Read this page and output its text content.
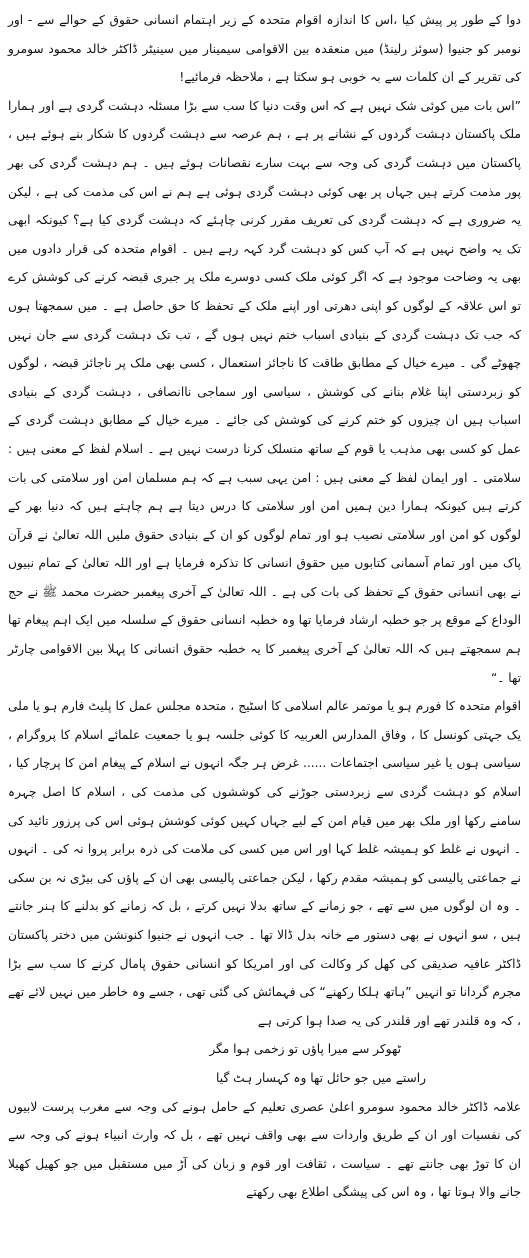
دوا کے طور پر پیش کیا ،اس کا اندازہ اقوام متحدہ کے زیر اہتمام انسانی حقوق کے حوالے سے - اور نومبر کو جنیوا (سوئز رلینڈ) میں منعقدہ بین الاقوامی سیمینار میں سینیٹر ڈاکٹر خالد محمود سومرو کی تقریر کے ان کلمات سے بہ خوبی ہو سکتا ہے ، ملاحظہ فرمائیے!

”اس بات میں کوئی شک نہیں ہے کہ اس وقت دنیا کا سب سے بڑا مسئلہ دہشت گردی ہے اور ہمارا ملک پاکستان دہشت گردوں کے نشانے پر ہے ، ہم عرصہ سے دہشت گردوں کا شکار بنے ہوئے ہیں ، پاکستان میں دہشت گردی کی وجہ سے بہت سارے نقصانات ہوئے ہیں ۔ ہم دہشت گردی کی بھر پور مذمت کرتے ہیں جہاں پر بھی کوئی دہشت گردی ہوئی ہے ہم نے اس کی مذمت کی ہے ، لیکن یہ ضروری ہے کہ دہشت گردی کی تعریف مقرر کرنی چاہئے کہ دہشت گردی کیا ہے؟ کیونکہ ابھی تک یہ واضح نہیں ہے کہ آپ کس کو دہشت گرد کہہ رہے ہیں ۔ اقوام متحدہ کی قرار دادوں میں بھی یہ وضاحت موجود ہے کہ اگر کوئی ملک کسی دوسرے ملک پر جبری قبضہ کرنے کی کوشش کرے تو اس علاقہ کے لوگوں کو اپنی دھرتی اور اپنے ملک کے تحفظ کا حق حاصل ہے ۔ میں سمجھتا ہوں کہ جب تک دہشت گردی کے بنیادی اسباب ختم نہیں ہوں گے ، تب تک دہشت گردی سے جان نہیں چھوٹے گی ۔ میرے خیال کے مطابق طاقت کا ناجائز استعمال ، کسی بھی ملک پر ناجائز قبضہ ، لوگوں کو زبردستی اپنا غلام بنانے کی کوشش ، سیاسی اور سماجی ناانصافی ، دہشت گردی کے بنیادی اسباب ہیں ان چیزوں کو ختم کرنے کی کوشش کی جائے ۔ میرے خیال کے مطابق دہشت گردی کے عمل کو کسی بھی مذہب یا قوم کے ساتھ منسلک کرنا درست نہیں ہے ۔ اسلام لفظ کے معنی ہیں : سلامتی ۔ اور ایمان لفظ کے معنی ہیں : امن یہی سبب ہے کہ ہم مسلمان امن اور سلامتی کی بات کرتے ہیں کیونکہ ہمارا دین ہمیں امن اور سلامتی کا درس دیتا ہے ہم چاہتے ہیں کہ دنیا بھر کے لوگوں کو امن اور سلامتی نصیب ہو اور تمام لوگوں کو ان کے بنیادی حقوق ملیں اللہ تعالیٰ نے قرآن پاک میں اور تمام آسمانی کتابوں میں حقوق انسانی کا تذکرہ فرمایا ہے اور اللہ تعالیٰ کے تمام نبیوں نے بھی انسانی حقوق کے تحفظ کی بات کی ہے ۔ اللہ تعالیٰ کے آخری پیغمبر حضرت محمد ﷺ نے حج الوداع کے موقع پر جو خطبہ ارشاد فرمایا تھا وہ خطبہ انسانی حقوق کے سلسلہ میں ایک اہم پیغام تھا ہم سمجھتے ہیں کہ اللہ تعالیٰ کے آخری پیغمبر کا یہ خطبہ حقوق انسانی کا پہلا بین الاقوامی چارٹر تھا ۔“

اقوام متحدہ کا فورم ہو یا موتمر عالم اسلامی کا اسٹیج ، متحدہ مجلس عمل کا پلیٹ فارم ہو یا ملی یک جہتی کونسل کا ، وفاق المدارس العربیہ کا کوئی جلسہ ہو یا جمعیت علمائے اسلام کا پروگرام ، سیاسی ہوں یا غیر سیاسی اجتماعات ...... غرض ہر جگہ انہوں نے اسلام کے پیغام امن کا پرچار کیا ، اسلام کو دہشت گردی سے زبردستی جوڑنے کی کوششوں کی مذمت کی ، اسلام کا اصل چہرہ سامنے رکھا اور ملک بھر میں قیام امن کے لیے جہاں کہیں کوئی کوشش ہوئی اس کی پرزور تائید کی ۔ انہوں نے غلط کو ہمیشہ غلط کہا اور اس میں کسی کی ملامت کی ذرہ برابر پروا نہ کی ۔ انہوں نے جماعتی پالیسی کو ہمیشہ مقدم رکھا ، لیکن جماعتی پالیسی بھی ان کے پاؤں کی بیڑی نہ بن سکی ۔ وہ ان لوگوں میں سے تھے ، جو زمانے کے ساتھ بدلا نہیں کرتے ، بل کہ زمانے کو بدلنے کا ہنر جانتے ہیں ، سو انہوں نے بھی دستور مے خانہ بدل ڈالا تھا ۔ جب انہوں نے جنیوا کنونشن میں دختر پاکستان ڈاکٹر عافیہ صدیقی کی کھل کر وکالت کی اور امریکا کو انسانی حقوق پامال کرنے کا سب سے بڑا مجرم گردانا تو انہیں ”ہاتھ ہلکا رکھنے“ کی فہمائش کی گئی تھی ، جسے وہ خاطر میں نہیں لائے تھے ، کہ وہ قلندر تھے اور قلندر کی یہ صدا ہوا کرتی ہے

ٹھوکر سے میرا پاؤں تو زخمی ہوا مگر

راستے میں جو حائل تھا وہ کہسار ہٹ گیا

علامہ ڈاکٹر خالد محمود سومرو اعلیٰ عصری تعلیم کے حامل ہونے کی وجہ سے مغرب پرست لابیوں کی نفسیات اور ان کے طریق واردات سے بھی واقف نہیں تھے ، بل کہ وارث انبیاء ہونے کی وجہ سے ان کا توڑ بھی جانتے تھے ۔ سیاست ، ثقافت اور قوم و زبان کی آڑ میں مستقبل میں جو کھیل کھیلا جانے والا ہوتا تھا ، وہ اس کی پیشگی اطلاع بھی رکھتے
